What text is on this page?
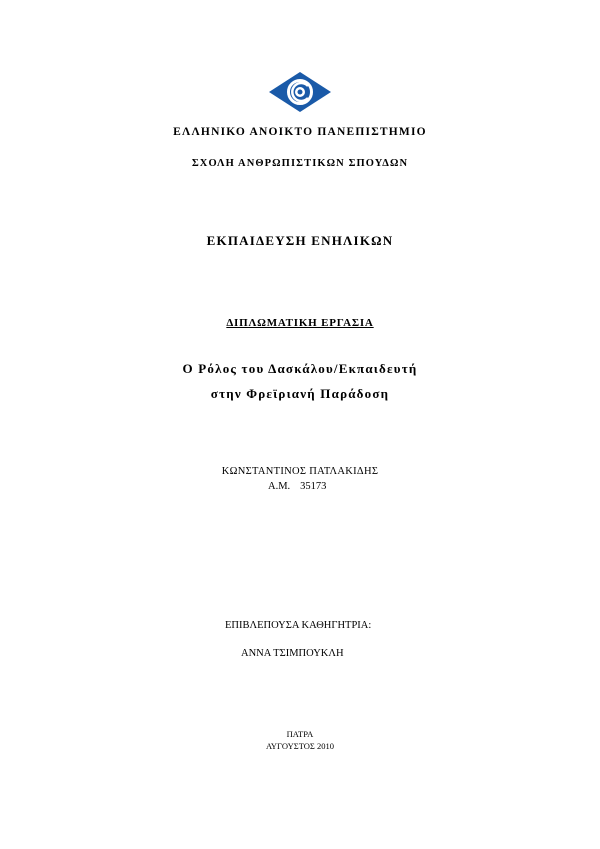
ΕΛΛΗΝΙΚΟ ΑΝΟΙΚΤΟ ΠΑΝΕΠΙΣΤΗΜΙΟ
ΣΧΟΛΗ ΑΝΘΡΩΠΙΣΤΙΚΩΝ ΣΠΟΥΔΩΝ
ΕΚΠΑΙΔΕΥΣΗ ΕΝΗΛΙΚΩΝ
ΔΙΠΛΩΜΑΤΙΚΗ ΕΡΓΑΣΙΑ
Ο Ρόλος του Δασκάλου/Εκπαιδευτή
στην Φρεϊριανή Παράδοση
ΚΩΝΣΤΑΝΤΙΝΟΣ ΠΑΤΛΑΚΙΔΗΣ
Α.Μ. 35173
ΕΠΙΒΛΕΠΟΥΣΑ ΚΑΘΗΓΗΤΡΙΑ:
ΑΝΝΑ ΤΣΙΜΠΟΥΚΛΗ
ΠΑΤΡΑ
ΑΥΓΟΥΣΤΟΣ 2010
